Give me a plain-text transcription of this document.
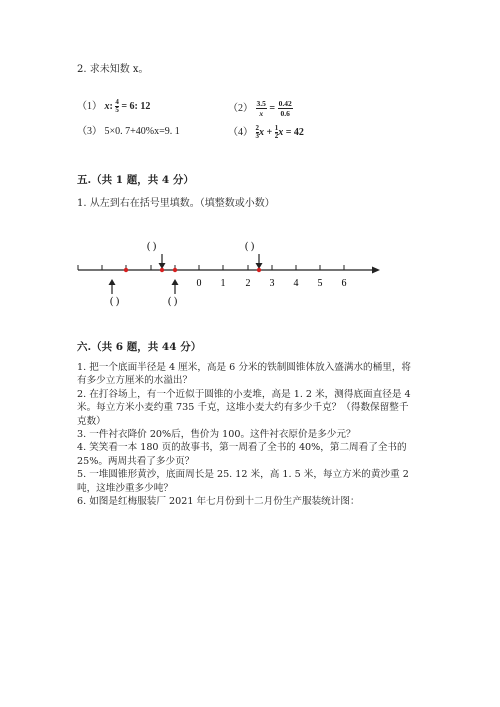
2. 求未知数 x。
（1） x: $\frac{4}{5} = 6$: 12	$(2) \frac{3.5}{x} = \frac{0.42}{0.6}$
（3） 5×0. 7+40%x=9. 1	$(4) \frac{2}{3}$ $x + \frac{1}{2}$ x = 42
五.（共 1 题，共 4 分）
1. 从左到右在括号里填数。（填整数或小数）
( )	( )
0 1 2 3 4 5 6
( )	( )
六.（共 6 题，共 44 分）
1. 把一个底面半径是 4 厘米，高是 6 分米的铁制圆锥体放入盛满水的桶里，将
有多少立方厘米的水溢出？
2. 在打谷场上，有一个近似于圆锥的小麦堆，高是 1. 2 米，测得底面直径是 4
米。每立方米小麦约重 735 千克，这堆小麦大约有多少千克？（得数保留整千
克数）
3. 一件衬衣降价 20%后，售价为 100。这件衬衣原价是多少元？
4. 笑笑看一本 180 页的故事书，第一周看了全书的 40%，第二周看了全书的
25%。两周共看了多少页？
5. 一堆圆锥形黄沙，底面周长是 25. 12 米，高 1. 5 米，每立方米的黄沙重 2
吨，这堆沙重多少吨？
6. 如图是红梅服装厂 2021 年七月份到十二月份生产服装统计图：
